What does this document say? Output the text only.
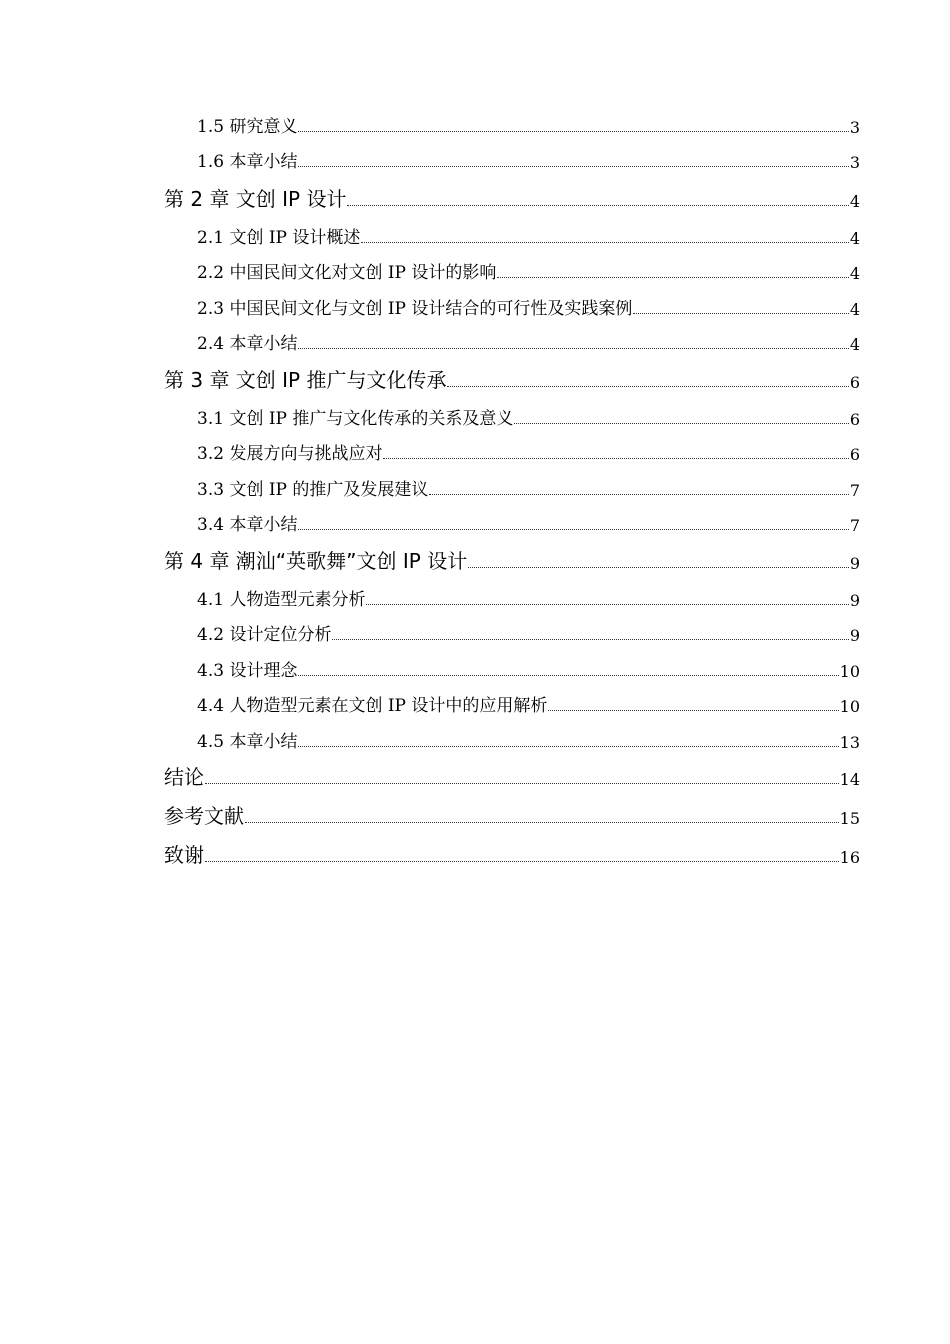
1.5 研究意义	3
1.6 本章小结	3
第 2 章 文创 IP 设计	4
2.1 文创 IP 设计概述	4
2.2 中国民间文化对文创 IP 设计的影响	4
2.3 中国民间文化与文创 IP 设计结合的可行性及实践案例	4
2.4 本章小结	4
第 3 章 文创 IP 推广与文化传承	6
3.1 文创 IP 推广与文化传承的关系及意义	6
3.2 发展方向与挑战应对	6
3.3 文创 IP 的推广及发展建议	7
3.4 本章小结	7
第 4 章 潮汕“英歌舞”文创 IP 设计	9
4.1 人物造型元素分析	9
4.2 设计定位分析	9
4.3 设计理念	10
4.4 人物造型元素在文创 IP 设计中的应用解析	10
4.5 本章小结	13
结论	14
参考文献	15
致谢	16
